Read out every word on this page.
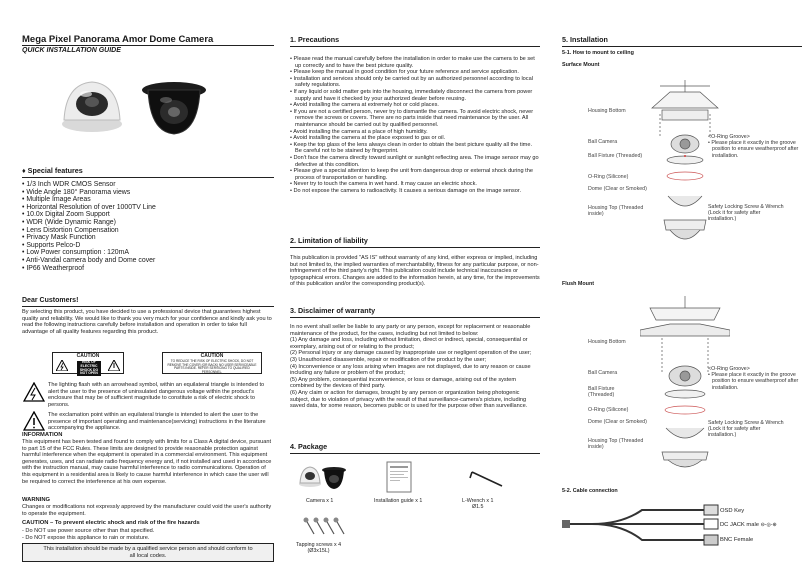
Mega Pixel Panorama Amor Dome Camera
QUICK INSTALLATION GUIDE
♦ Special features
• 1/3 Inch WDR CMOS Sensor
• Wide Angle 180° Panorama views
• Multiple Image Areas
• Horizontal Resolution of over 1000TV Line
• 10.0x Digital Zoom Support
• WDR (Wide Dynamic Range)
• Lens Distortion Compensation
• Privacy Mask Function
• Supports Pelco-D
• Low Power consumption : 120mA
• Anti-Vandal camera body and Dome cover
• IP66 Weatherproof
Dear Customers!
By selecting this product, you have decided to use a professional device that guarantees highest quality and reliability. We would like to thank you very much for your confidence and kindly ask you to read the following instructions carefully before installation and operation in order to take full advantage of all quality features regarding this product.
CAUTION
RISK OF ELECTRIC SHOCK DO NOT OPEN
CAUTION
TO REDUCE THE RISK OF ELECTRIC SHOCK, DO NOT REMOVE THE COVER (OR BACK) NO USER SERVICEABLE PARTS INSIDE. REFER SERVICING TO QUALIFIED PERSONNEL.
The lighting flash with an arrowhead symbol, within an equilateral triangle is intended to alert the user to the presence of uninsulated dangerous voltage within the product's enclosure that may be of sufficient magnitude to constitute a risk of electric shock to persons.
The exclamation point within an equilateral triangle is intended to alert the user to the presence of important operating and maintenance(servicing) instructions in the literature accompanying the appliance.
INFORMATION
This equipment has been tested and found to comply with limits for a Class A digital device, pursuant to part 15 of the FCC Rules. These limits are designed to provide reasonable protection against harmful interference when the equipment is operated in a commercial environment. This equipment generates, uses, and can radiate radio frequency energy and, if not installed and used in accordance with the instruction manual, may cause harmful interference to radio communications. Operation of this equipment in a residential area is likely to cause harmful interference in which case the user will be required to correct the interference at his own expense.
WARNING
Changes or modifications not expressly approved by the manufacturer could void the user's authority to operate the equipment.
CAUTION – To prevent electric shock and risk of the fire hazards

- Do NOT use power source other than that specified.

- Do NOT expose this appliance to rain or moisture.

This installation should be made by a qualified service person and should conform to all local codes.
1. Precautions
• Please read the manual carefully before the installation in order to make use the camera to be set up correctly and to have the best picture quality.
• Please keep the manual in good condition for your future reference and service application.
• Installation and services should only be carried out by an authorized personnel according to local safety regulations.
• If any liquid or solid matter gets into the housing, immediately disconnect the camera from power supply and have it checked by your authorized dealer before reusing.
• Avoid installing the camera at extremely hot or cold places.
• If you are not a certified person, never try to dismantle the camera. To avoid electric shock, never remove the screws or covers. There are no parts inside that need maintenance by the user. All maintenance should be carried out by qualified personnel.
• Avoid installing the camera at a place of high humidity.
• Avoid installing the camera at the place exposed to gas or oil.
• Keep the top glass of the lens always clean in order to obtain the best picture quality all the time. Be careful not to be stained by fingerprint.
• Don't face the camera directly toward sunlight or sunlight reflecting area. The image sensor may go defective at this condition.
• Please give a special attention to keep the unit from dangerous drop or external shock during the process of transportation or handling.
• Never try to touch the camera in wet hand. It may cause an electric shock.
• Do not expose the camera to radioactivity. It causes a serious damage on the image sensor.
2. Limitation of liability
This publication is provided "AS IS" without warranty of any kind, either express or implied, including but not limited to, the implied warranties of merchantability, fitness for any particular purpose, or non-infringement of the third party's right. This publication could include technical inaccuracies or typographical errors. Changes are added to the information herein, at any time, for the improvements of this publication and/or the corresponding product(s).
3. Disclaimer of warranty

In no event shall seller be liable to any party or any person, except for replacement or reasonable maintenance of the product, for the cases, including but not limited to below:

(1) Any damage and loss, including without limitation, direct or indirect, special, consequential or exemplary, arising out of or relating to the product;

(2) Personal injury or any damage caused by inappropriate use or negligent operation of the user;

(3) Unauthorized disassemble, repair or modification of the product by the user;

(4) Inconvenience or any loss arising when images are not displayed, due to any reason or cause including any failure or problem of the product;

(5) Any problem, consequential inconvenience, or loss or damage, arising out of the system combined by the devices of third party.

(6) Any claim or action for damages, brought by any person or organization being photogenic subject, due to violation of privacy with the result of that surveillance-camera's picture, including saved data, for some reason, becomes public or is used for the purpose other than surveillance.

4. Package
Camera x 1	Installation guide x 1	L-Wrench x 1
Ø1.5
Tapping screws x 4
(Ø3x15L)
5. Installation
5-1. How to mount to ceiling
Surface Mount
Housing Bottom
Ball Camera
Ball Fixture (Threaded)
O-Ring (Silicone)
Dome (Clear or Smoked)
Housing Top (Threaded inside)
<O-Ring Groove>
• Please place it exactly in the groove position to ensure weatherproof after installation.
Safety Locking Screw & Wrench (Lock it for safety after installation.)
Flush Mount
Housing Bottom
Ball Camera
Ball Fixture (Threaded)
O-Ring (Silicone)
Dome (Clear or Smoked)
Housing Top (Threaded inside)
<O-Ring Groove>
• Please place it exactly in the groove position to ensure weatherproof after installation.
Safety Locking Screw & Wrench (Lock it for safety after installation.)
5-2. Cable connection
OSD Key
DC JACK male ⊖-◎-⊕
BNC Female
